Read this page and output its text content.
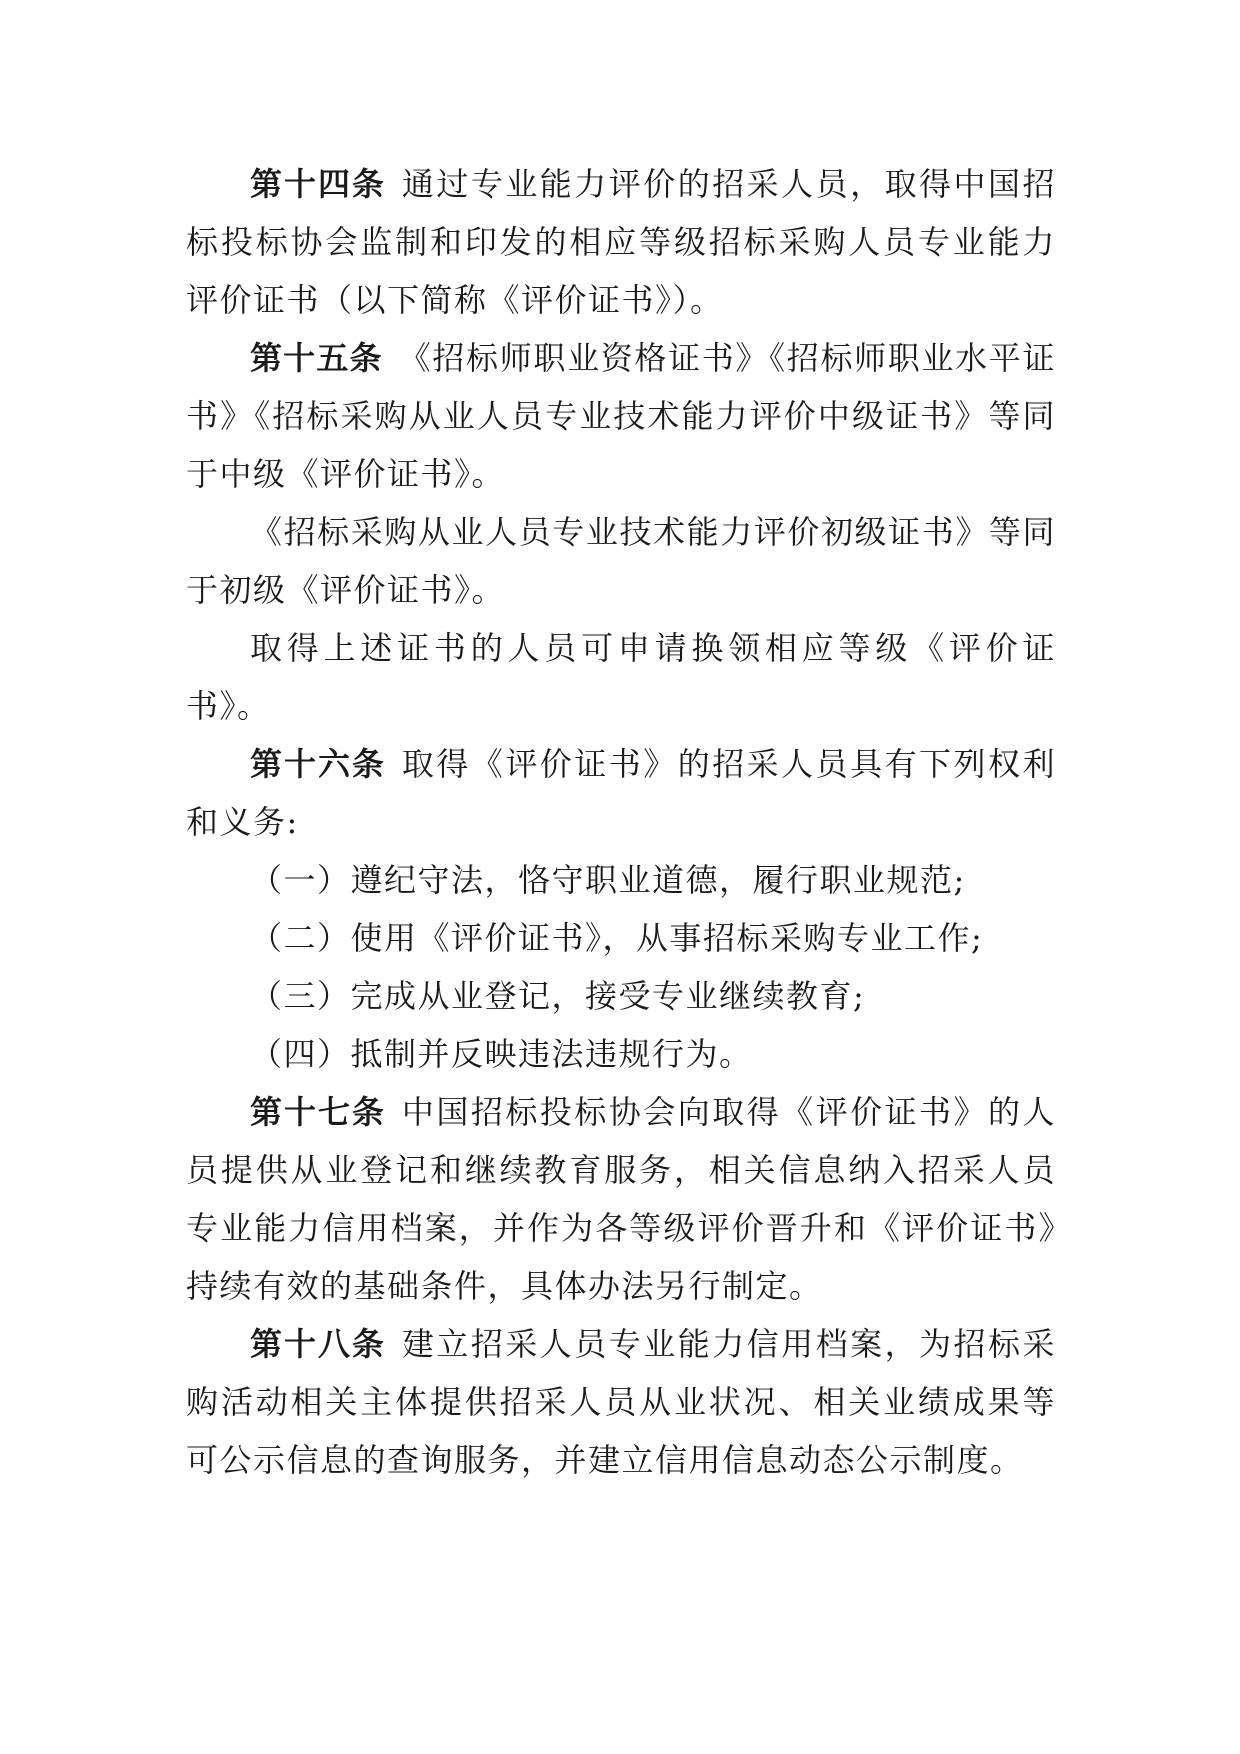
第十四条 通过专业能力评价的招采人员，取得中国招标投标协会监制和印发的相应等级招标采购人员专业能力评价证书（以下简称《评价证书》）。

第十五条 《招标师职业资格证书》《招标师职业水平证书》《招标采购从业人员专业技术能力评价中级证书》等同于中级《评价证书》。

《招标采购从业人员专业技术能力评价初级证书》等同于初级《评价证书》。

取得上述证书的人员可申请换领相应等级《评价证书》。

第十六条 取得《评价证书》的招采人员具有下列权利和义务:

（一）遵纪守法，恪守职业道德，履行职业规范;

（二）使用《评价证书》，从事招标采购专业工作;

（三）完成从业登记，接受专业继续教育;

（四）抵制并反映违法违规行为。

第十七条 中国招标投标协会向取得《评价证书》的人员提供从业登记和继续教育服务，相关信息纳入招采人员专业能力信用档案，并作为各等级评价晋升和《评价证书》持续有效的基础条件，具体办法另行制定。

第十八条 建立招采人员专业能力信用档案，为招标采购活动相关主体提供招采人员从业状况、相关业绩成果等可公示信息的查询服务，并建立信用信息动态公示制度。
